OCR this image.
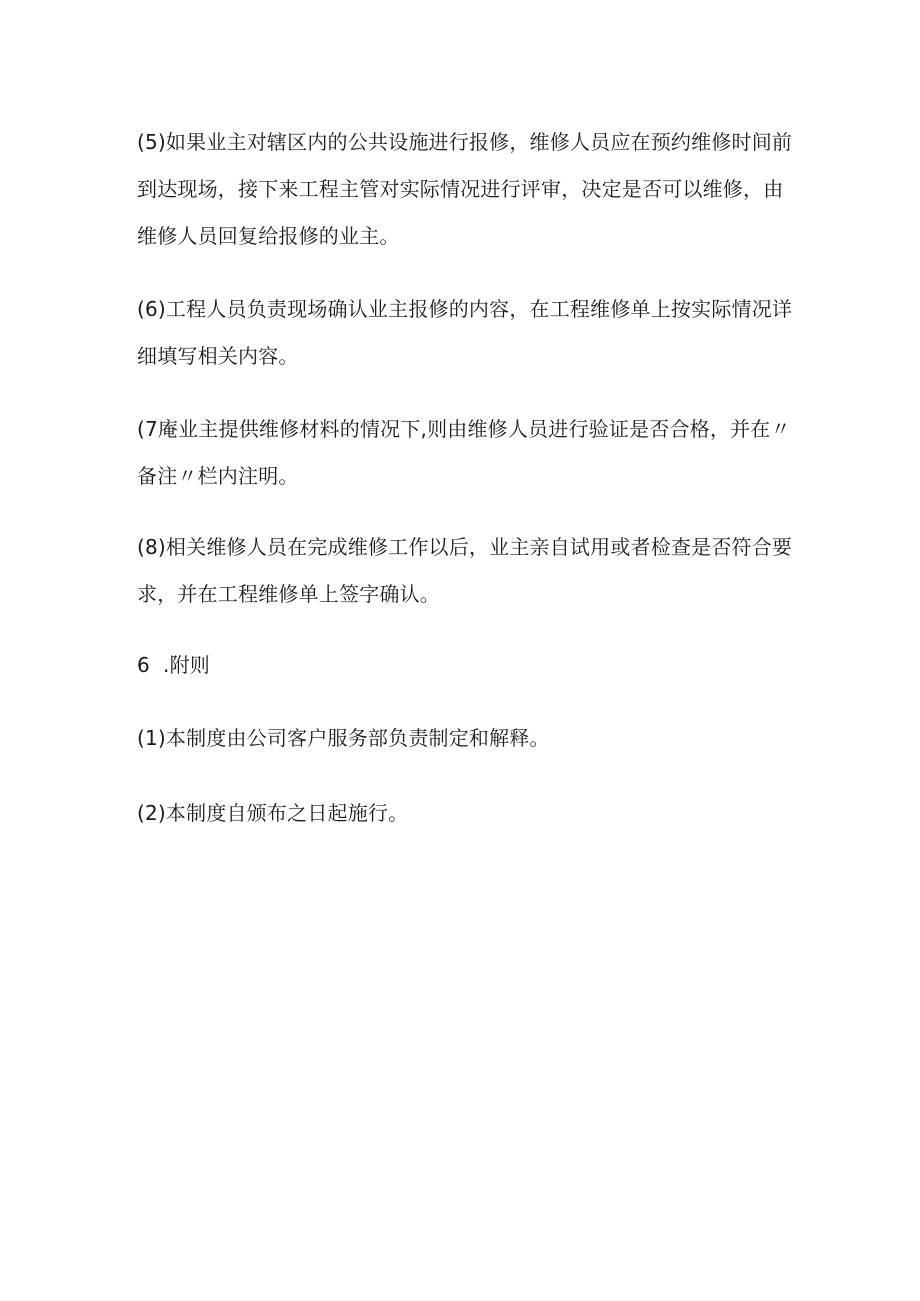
(5)如果业主对辖区内的公共设施进行报修，维修人员应在预约维修时间前
到达现场，接下来工程主管对实际情况进行评审，决定是否可以维修，由
维修人员回复给报修的业主。

(6)工程人员负责现场确认业主报修的内容，在工程维修单上按实际情况详
细填写相关内容。

(7庵业主提供维修材料的情况下,则由维修人员进行验证是否合格，并在〃
备注〃栏内注明。

(8)相关维修人员在完成维修工作以后，业主亲自试用或者检查是否符合要
求，并在工程维修单上签字确认。

6  .附则

(1)本制度由公司客户服务部负责制定和解释。

(2)本制度自颁布之日起施行。
